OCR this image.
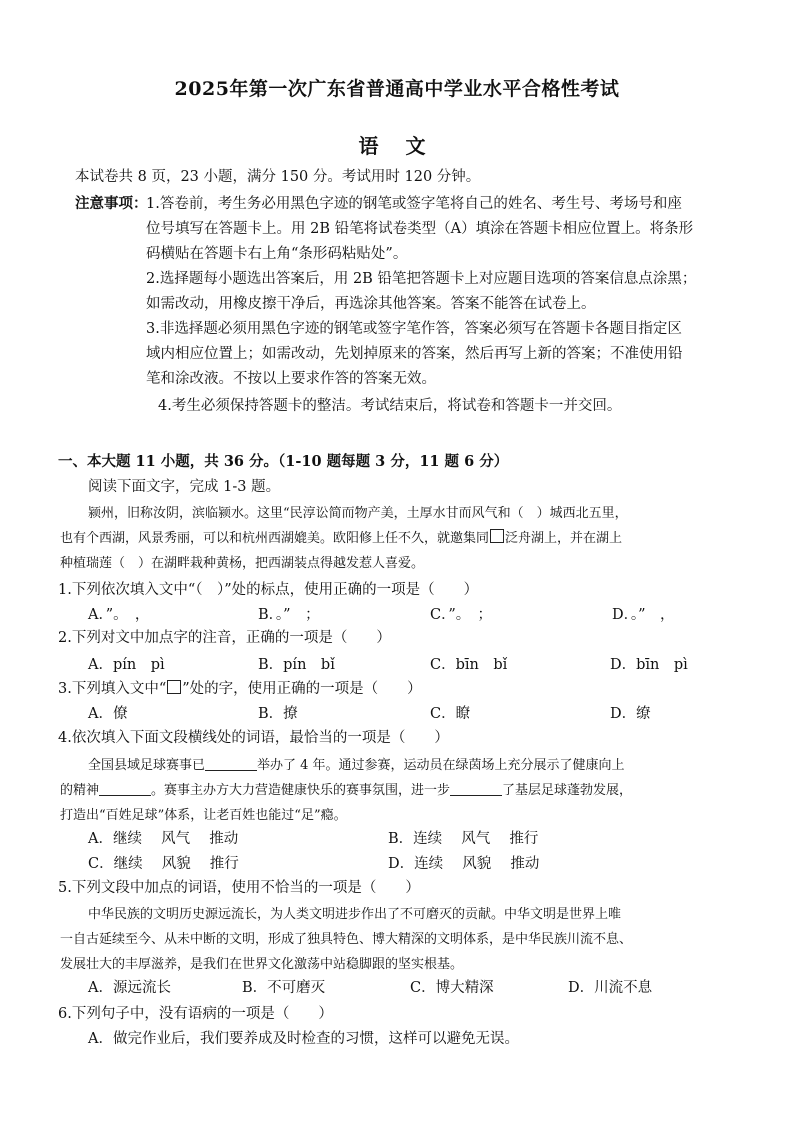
2025年第一次广东省普通高中学业水平合格性考试
语 文
本试卷共 8 页，23 小题，满分 150 分。考试用时 120 分钟。
注意事项：
1.答卷前，考生务必用黑色字迹的钢笔或签字笔将自己的姓名、考生号、考场号和座
位号填写在答题卡上。用 2B 铅笔将试卷类型（A）填涂在答题卡相应位置上。将条形
码横贴在答题卡右上角“条形码粘贴处”。
2.选择题每小题选出答案后，用 2B 铅笔把答题卡上对应题目选项的答案信息点涂黑；
如需改动，用橡皮擦干净后，再选涂其他答案。答案不能答在试卷上。
3.非选择题必须用黑色字迹的钢笔或签字笔作答，答案必须写在答题卡各题目指定区
域内相应位置上；如需改动，先划掉原来的答案，然后再写上新的答案；不准使用铅
笔和涂改液。不按以上要求作答的答案无效。
4.考生必须保持答题卡的整洁。考试结束后，将试卷和答题卡一并交回。
一、本大题 11 小题，共 36 分。（1-10 题每题 3 分，11 题 6 分）
阅读下面文字，完成 1-3 题。
颍州，旧称汝阴，滨临颍水。这里“民淳讼简而物产美，土厚水甘而风气和（　）城西北五里，
也有个西湖，风景秀丽，可以和杭州西湖媲美。欧阳修上任不久，就邀集同 泛舟湖上，并在湖上
种植瑞莲（　）在湖畔栽种黄杨，把西湖装点得越发惹人喜爱。
1.下列依次填入文中“（　）”处的标点，使用正确的一项是（　　）
A．”。　，	B．。”　；	C．”。　；	D．。”　，
2.下列对文中加点字的注音，正确的一项是（　　）
A．pín　pì	B．pín　bǐ	C．bīn　bǐ	D．bīn　pì
3.下列填入文中“ ”处的字，使用正确的一项是（　　）
A．僚	B．撩	C．瞭	D．缭
4.依次填入下面文段横线处的词语，最恰当的一项是（　　）
全国县域足球赛事已	举办了 4 年。通过参赛，运动员在绿茵场上充分展示了健康向上
的精神	。赛事主办方大力营造健康快乐的赛事氛围，进一步	了基层足球蓬勃发展，
打造出“百姓足球”体系，让老百姓也能过“足”瘾。
A．继续　 风气　 推动	B．连续　 风气　 推行
C．继续　 风貌　 推行	D．连续　 风貌　 推动
5.下列文段中加点的词语，使用不恰当的一项是（　　）
中华民族的文明历史源远流长，为人类文明进步作出了不可磨灭的贡献。中华文明是世界上唯
一自古延续至今、从未中断的文明，形成了独具特色、博大精深的文明体系，是中华民族川流不息、
发展壮大的丰厚滋养，是我们在世界文化激荡中站稳脚跟的坚实根基。
A．源远流长	B．不可磨灭	C．博大精深	D．川流不息
6.下列句子中，没有语病的一项是（　　）
A．做完作业后，我们要养成及时检查的习惯，这样可以避免无误。
